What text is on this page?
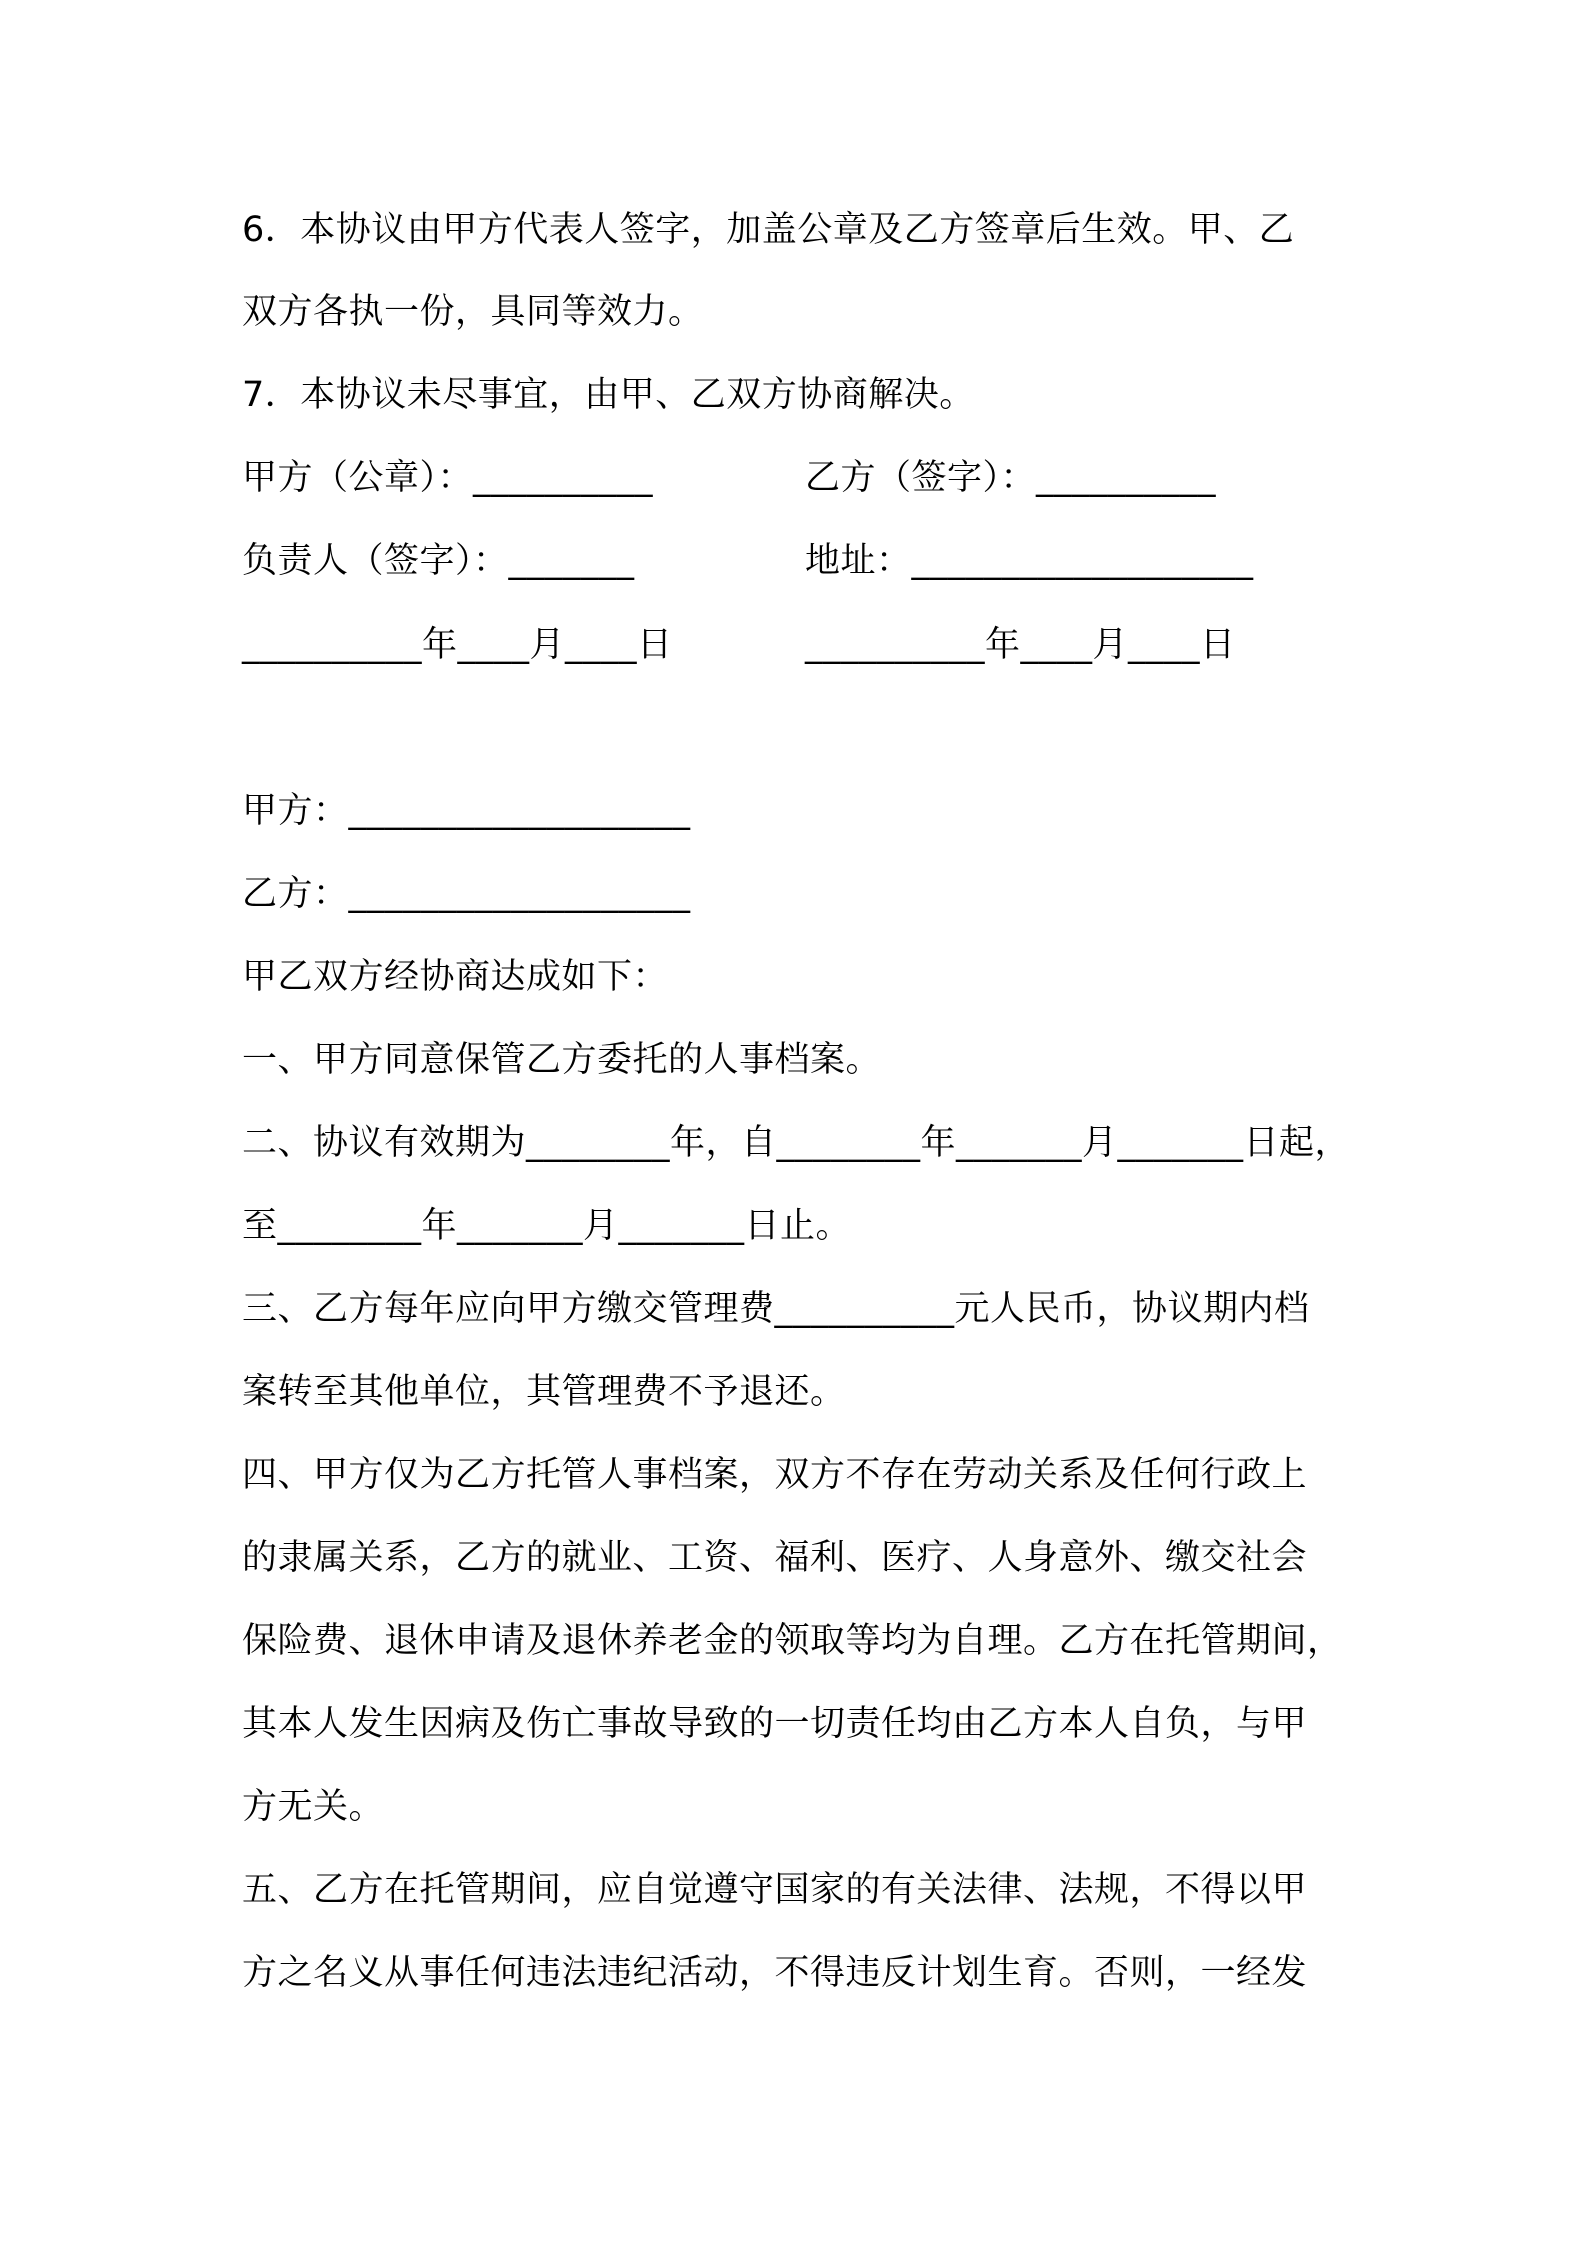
6．本协议由甲方代表人签字，加盖公章及乙方签章后生效。甲、乙
双方各执一份，具同等效力。
7．本协议未尽事宜，由甲、乙双方协商解决。
甲方（公章）：__________	乙方（签字）：__________
负责人（签字）：_______	地址：___________________
__________年____月____日	__________年____月____日
甲方：___________________
乙方：___________________
甲乙双方经协商达成如下：
一、甲方同意保管乙方委托的人事档案。
二、协议有效期为________年，自________年_______月_______日起，
至________年_______月_______日止。
三、乙方每年应向甲方缴交管理费__________元人民币，协议期内档
案转至其他单位，其管理费不予退还。
四、甲方仅为乙方托管人事档案，双方不存在劳动关系及任何行政上
的隶属关系，乙方的就业、工资、福利、医疗、人身意外、缴交社会
保险费、退休申请及退休养老金的领取等均为自理。乙方在托管期间，
其本人发生因病及伤亡事故导致的一切责任均由乙方本人自负，与甲
方无关。
五、乙方在托管期间，应自觉遵守国家的有关法律、法规，不得以甲
方之名义从事任何违法违纪活动，不得违反计划生育。否则，一经发
